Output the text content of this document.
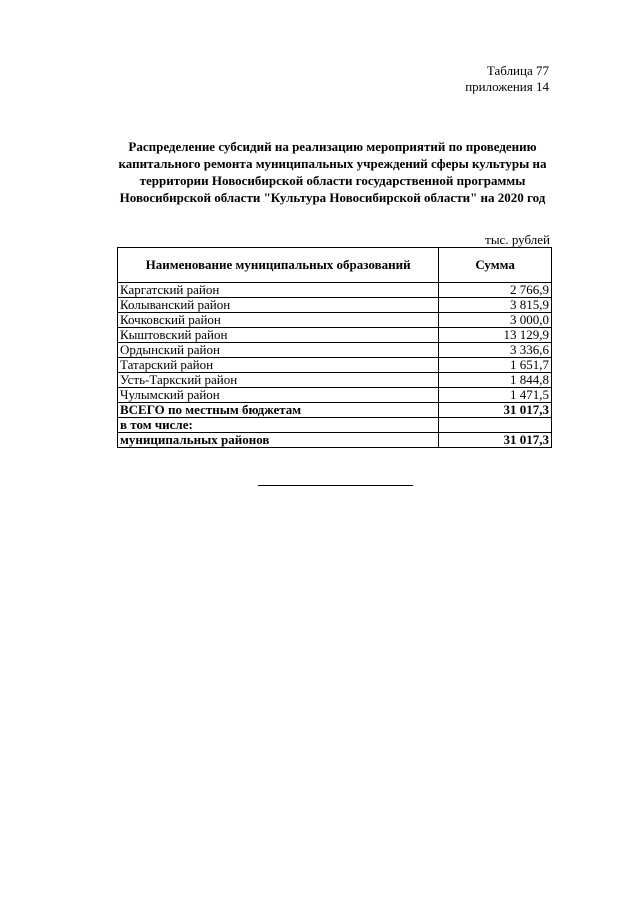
Таблица 77
приложения 14
Распределение субсидий на реализацию мероприятий по проведению
капитального ремонта муниципальных учреждений сферы культуры на
территории Новосибирской области государственной программы
Новосибирской области "Культура Новосибирской области" на 2020 год
тыс. рублей
Наименование муниципальных образований	Сумма
Каргатский район	2 766,9
Колыванский район	3 815,9
Кочковский район	3 000,0
Кыштовский район	13 129,9
Ордынский район	3 336,6
Татарский район	1 651,7
Усть-Таркский район	1 844,8
Чулымский район	1 471,5
ВСЕГО по местным бюджетам	31 017,3
в том числе:	
муниципальных районов	31 017,3
